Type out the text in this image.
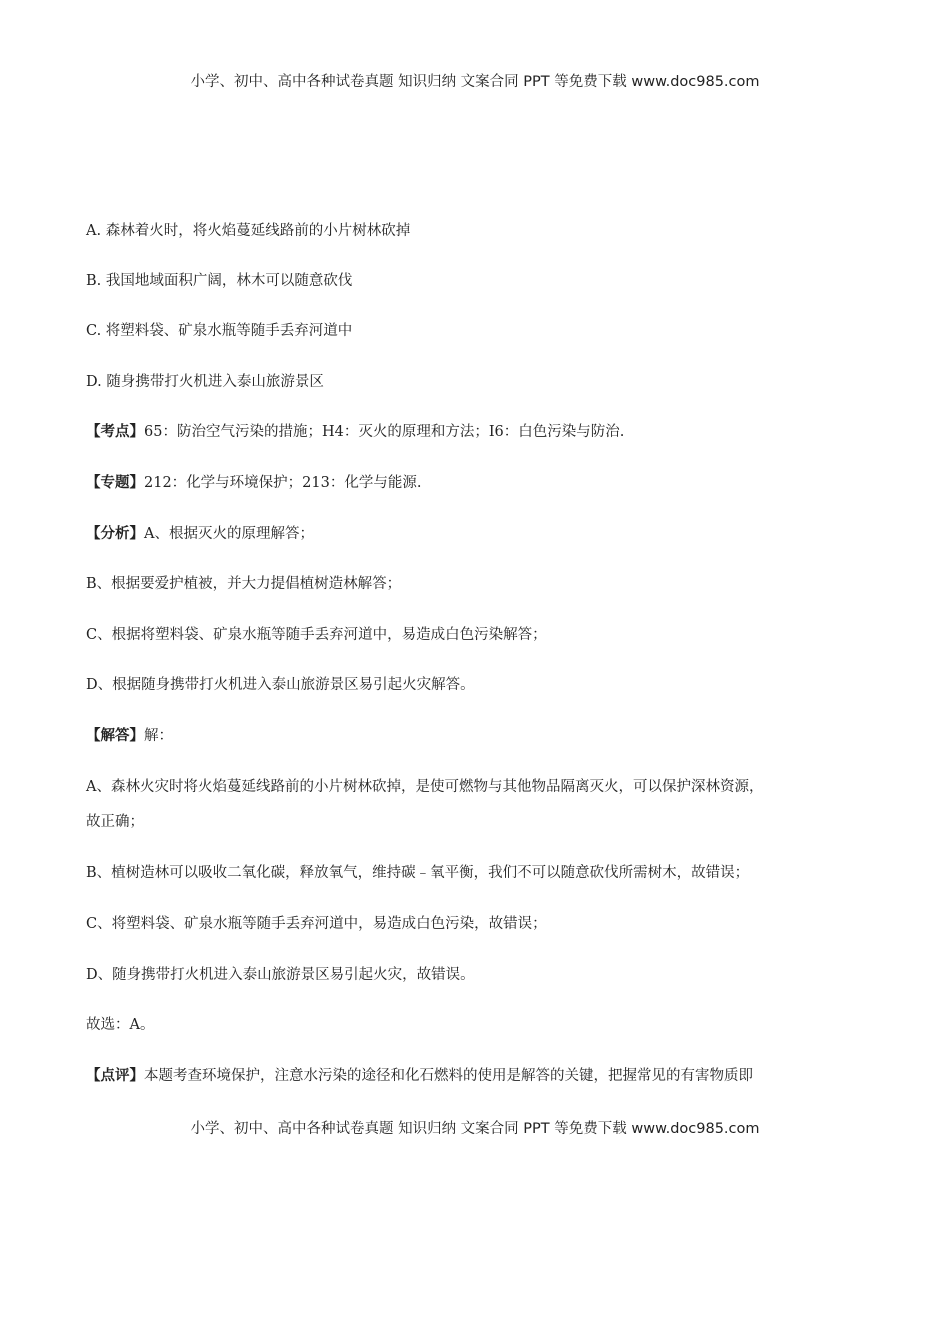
小学、初中、高中各种试卷真题 知识归纳 文案合同 PPT 等免费下载 www.doc985.com
A. 森林着火时，将火焰蔓延线路前的小片树林砍掉
B. 我国地域面积广阔，林木可以随意砍伐
C. 将塑料袋、矿泉水瓶等随手丢弃河道中
D. 随身携带打火机进入泰山旅游景区
【考点】65：防治空气污染的措施；H4：灭火的原理和方法；I6：白色污染与防治.
【专题】212：化学与环境保护；213：化学与能源.
【分析】A、根据灭火的原理解答；
B、根据要爱护植被，并大力提倡植树造林解答；
C、根据将塑料袋、矿泉水瓶等随手丢弃河道中，易造成白色污染解答；
D、根据随身携带打火机进入泰山旅游景区易引起火灾解答。
【解答】解：
A、森林火灾时将火焰蔓延线路前的小片树林砍掉，是使可燃物与其他物品隔离灭火，可以保护深林资源，
故正确；
B、植树造林可以吸收二氧化碳，释放氧气，维持碳﹣氧平衡，我们不可以随意砍伐所需树木，故错误；
C、将塑料袋、矿泉水瓶等随手丢弃河道中，易造成白色污染，故错误；
D、随身携带打火机进入泰山旅游景区易引起火灾，故错误。
故选：A。
【点评】本题考查环境保护，注意水污染的途径和化石燃料的使用是解答的关键，把握常见的有害物质即
小学、初中、高中各种试卷真题 知识归纳 文案合同 PPT 等免费下载 www.doc985.com
